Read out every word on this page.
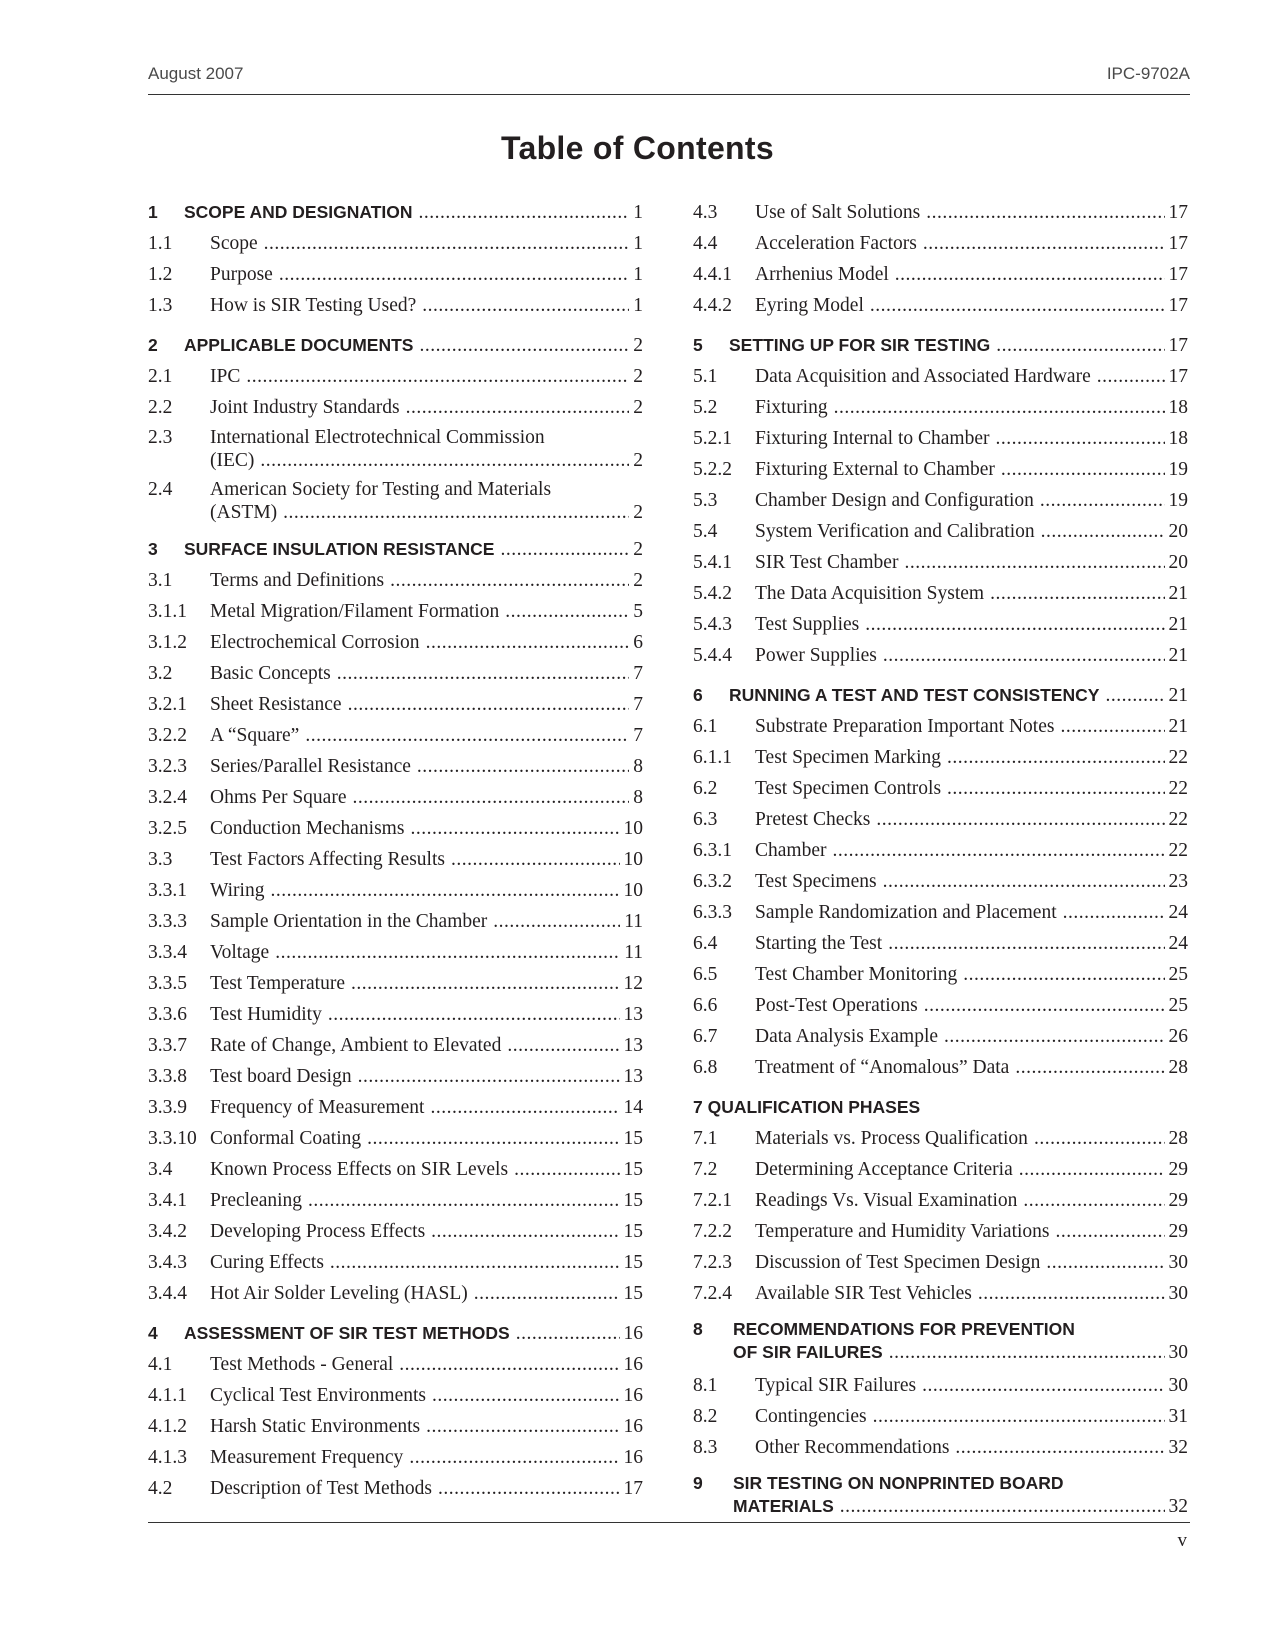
August 2007	IPC-9702A
Table of Contents
1	SCOPE AND DESIGNATION .....	1
1.1	Scope .....	1
1.2	Purpose .....	1
1.3	How is SIR Testing Used? .....	1
2	APPLICABLE DOCUMENTS .....	2
2.1	IPC .....	2
2.2	Joint Industry Standards .....	2
2.3	International Electrotechnical Commission
(IEC) .....	2
2.4	American Society for Testing and Materials
(ASTM) .....	2
3	SURFACE INSULATION RESISTANCE .....	2
3.1	Terms and Definitions .....	2
3.1.1	Metal Migration/Filament Formation .....	5
3.1.2	Electrochemical Corrosion .....	6
3.2	Basic Concepts .....	7
3.2.1	Sheet Resistance .....	7
3.2.2	A “Square” .....	7
3.2.3	Series/Parallel Resistance .....	8
3.2.4	Ohms Per Square .....	8
3.2.5	Conduction Mechanisms .....	10
3.3	Test Factors Affecting Results .....	10
3.3.1	Wiring .....	10
3.3.3	Sample Orientation in the Chamber .....	11
3.3.4	Voltage .....	11
3.3.5	Test Temperature .....	12
3.3.6	Test Humidity .....	13
3.3.7	Rate of Change, Ambient to Elevated .....	13
3.3.8	Test board Design .....	13
3.3.9	Frequency of Measurement .....	14
3.3.10 Conformal Coating .....	15
3.4	Known Process Effects on SIR Levels .....	15
3.4.1	Precleaning .....	15
3.4.2	Developing Process Effects .....	15
3.4.3	Curing Effects .....	15
3.4.4	Hot Air Solder Leveling (HASL) .....	15
4	ASSESSMENT OF SIR TEST METHODS .....	16
4.1	Test Methods - General .....	16
4.1.1	Cyclical Test Environments .....	16
4.1.2	Harsh Static Environments .....	16
4.1.3	Measurement Frequency .....	16
4.2	Description of Test Methods .....	17
4.3	Use of Salt Solutions .....	17
4.4	Acceleration Factors .....	17
4.4.1	Arrhenius Model .....	17
4.4.2	Eyring Model .....	17
5	SETTING UP FOR SIR TESTING .....	17
5.1	Data Acquisition and Associated Hardware .....	17
5.2	Fixturing .....	18
5.2.1	Fixturing Internal to Chamber .....	18
5.2.2	Fixturing External to Chamber .....	19
5.3	Chamber Design and Configuration .....	19
5.4	System Verification and Calibration .....	20
5.4.1	SIR Test Chamber .....	20
5.4.2	The Data Acquisition System .....	21
5.4.3	Test Supplies .....	21
5.4.4	Power Supplies .....	21
6	RUNNING A TEST AND TEST CONSISTENCY .....	21
6.1	Substrate Preparation Important Notes .....	21
6.1.1	Test Specimen Marking .....	22
6.2	Test Specimen Controls .....	22
6.3	Pretest Checks .....	22
6.3.1	Chamber .....	22
6.3.2	Test Specimens .....	23
6.3.3	Sample Randomization and Placement .....	24
6.4	Starting the Test .....	24
6.5	Test Chamber Monitoring .....	25
6.6	Post-Test Operations .....	25
6.7	Data Analysis Example .....	26
6.8	Treatment of “Anomalous” Data .....	28
7 QUALIFICATION PHASES
7.1	Materials vs. Process Qualification .....	28
7.2	Determining Acceptance Criteria .....	29
7.2.1	Readings Vs. Visual Examination .....	29
7.2.2	Temperature and Humidity Variations .....	29
7.2.3	Discussion of Test Specimen Design .....	30
7.2.4	Available SIR Test Vehicles .....	30
8	RECOMMENDATIONS FOR PREVENTION
OF SIR FAILURES .....	30
8.1	Typical SIR Failures .....	30
8.2	Contingencies .....	31
8.3	Other Recommendations .....	32
9	SIR TESTING ON NONPRINTED BOARD
MATERIALS .....	32
v
